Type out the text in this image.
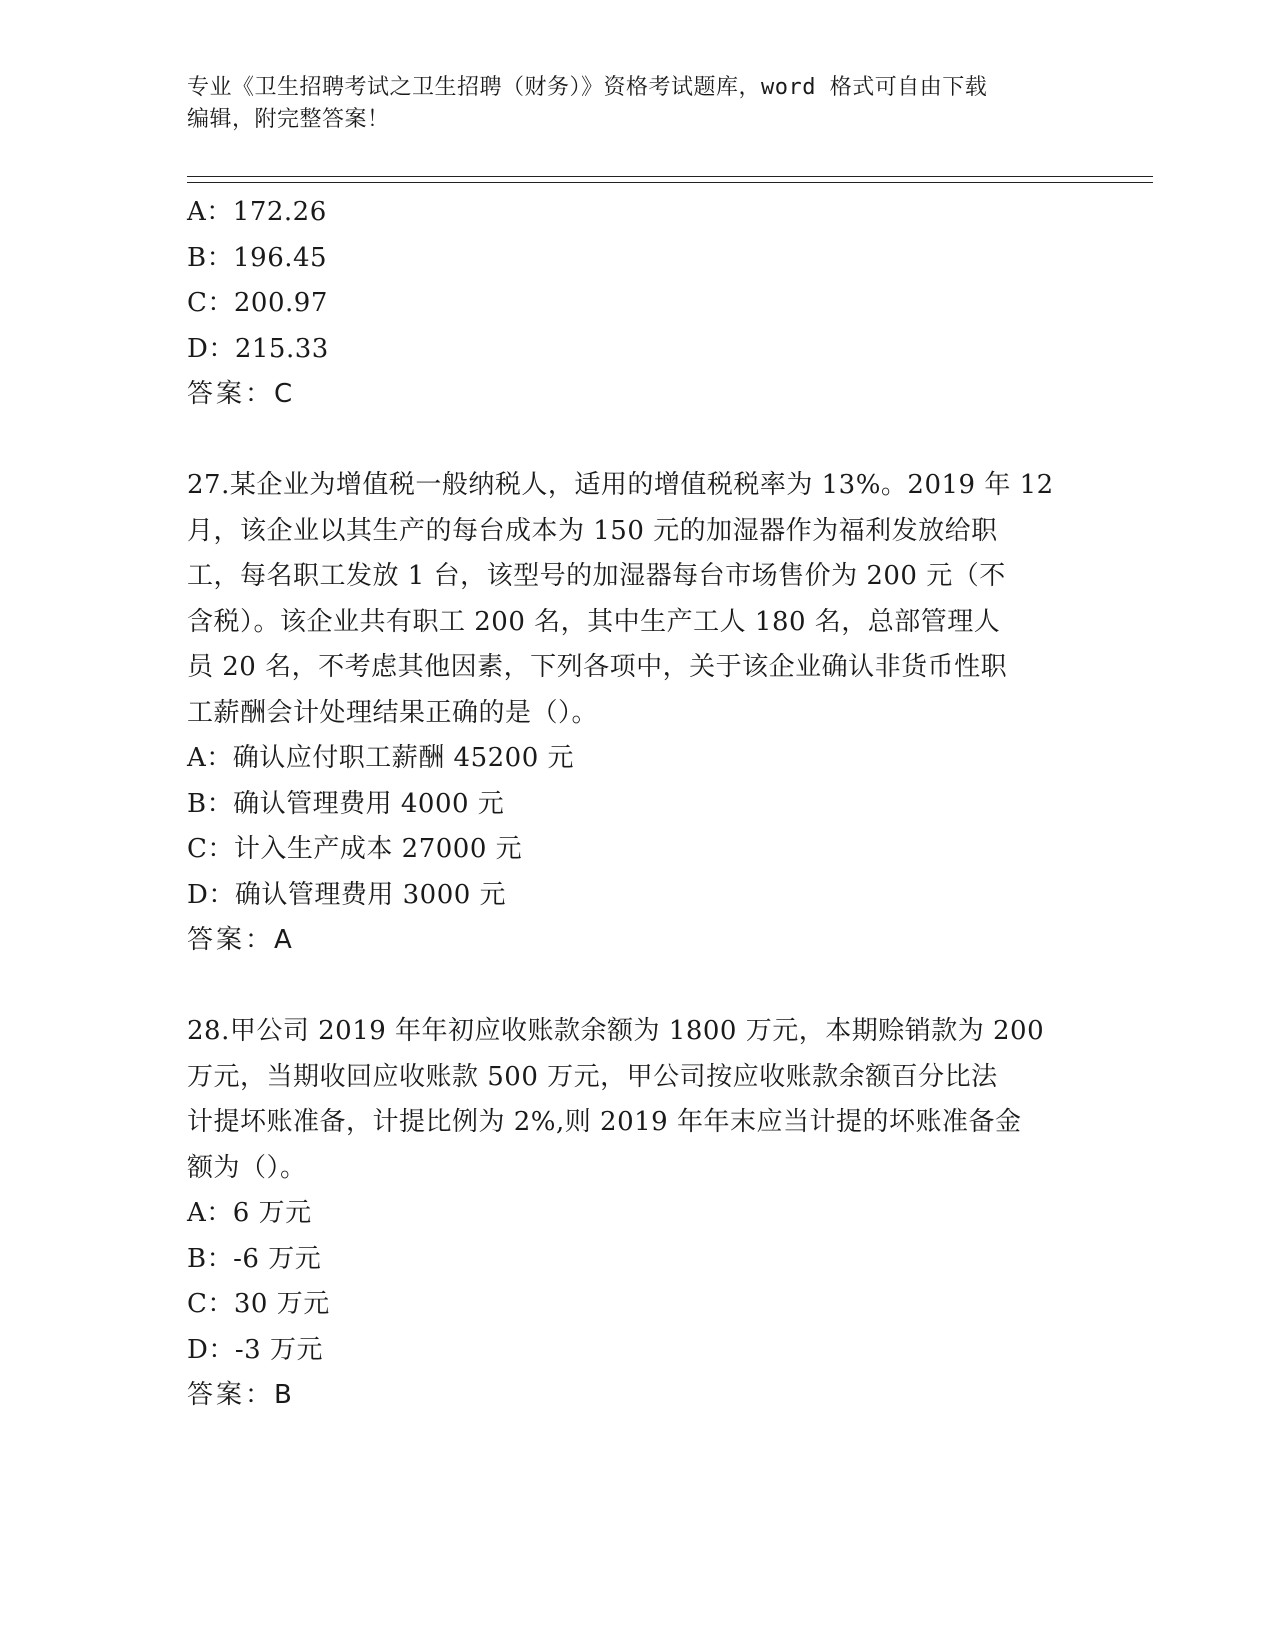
专业《卫生招聘考试之卫生招聘（财务）》资格考试题库，word 格式可自由下载
编辑，附完整答案！
A：172.26
B：196.45
C：200.97
D：215.33
答案：C
27.某企业为增值税一般纳税人，适用的增值税税率为 13%。2019 年 12
月，该企业以其生产的每台成本为 150 元的加湿器作为福利发放给职
工，每名职工发放 1 台，该型号的加湿器每台市场售价为 200 元（不
含税）。该企业共有职工 200 名，其中生产工人 180 名，总部管理人
员 20 名，不考虑其他因素，下列各项中，关于该企业确认非货币性职
工薪酬会计处理结果正确的是（）。
A：确认应付职工薪酬 45200 元
B：确认管理费用 4000 元
C：计入生产成本 27000 元
D：确认管理费用 3000 元
答案：A
28.甲公司 2019 年年初应收账款余额为 1800 万元，本期赊销款为 200
万元，当期收回应收账款 500 万元，甲公司按应收账款余额百分比法
计提坏账准备，计提比例为 2%,则 2019 年年末应当计提的坏账准备金
额为（）。
A：6 万元
B：-6 万元
C：30 万元
D：-3 万元
答案：B
